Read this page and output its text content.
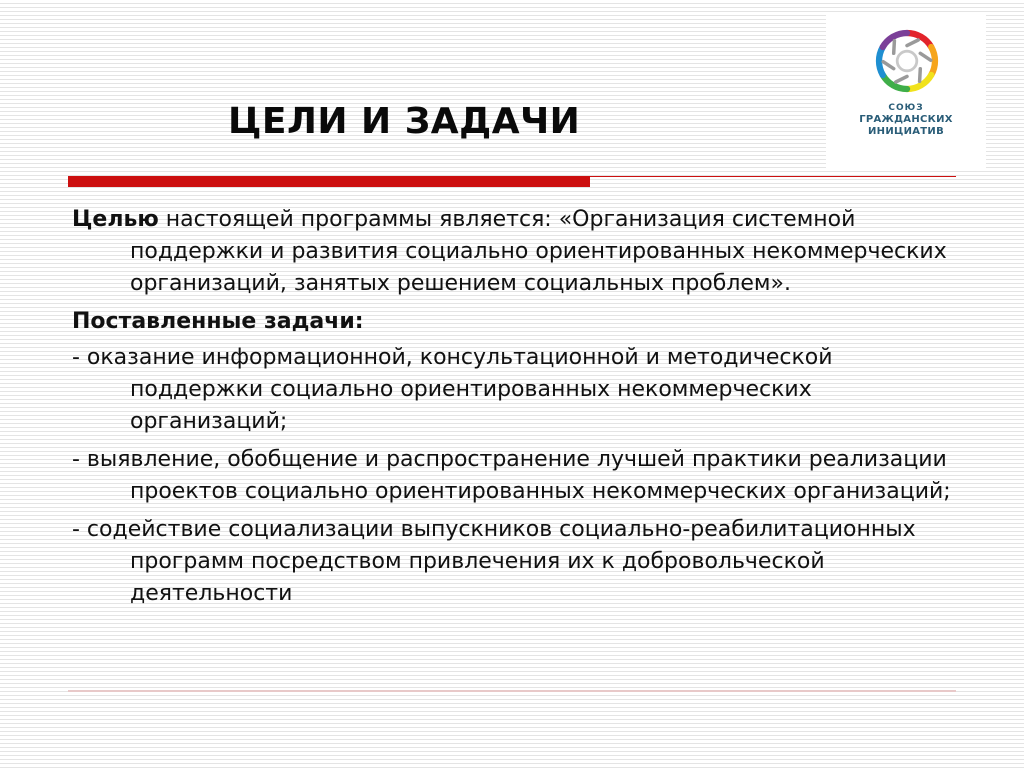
ЦЕЛИ И ЗАДАЧИ	СОЮЗ
ГРАЖДАНСКИХ
ИНИЦИАТИВ

Целью настоящей программы является: «Организация системной поддержки и развития социально ориентированных некоммерческих организаций, занятых решением социальных проблем».

Поставленные задачи:

- оказание информационной, консультационной и методической поддержки социально ориентированных некоммерческих организаций;

- выявление, обобщение и распространение лучшей практики реализации проектов социально ориентированных некоммерческих организаций;

- содействие социализации выпускников социально-реабилитационных программ посредством привлечения их к добровольческой деятельности
